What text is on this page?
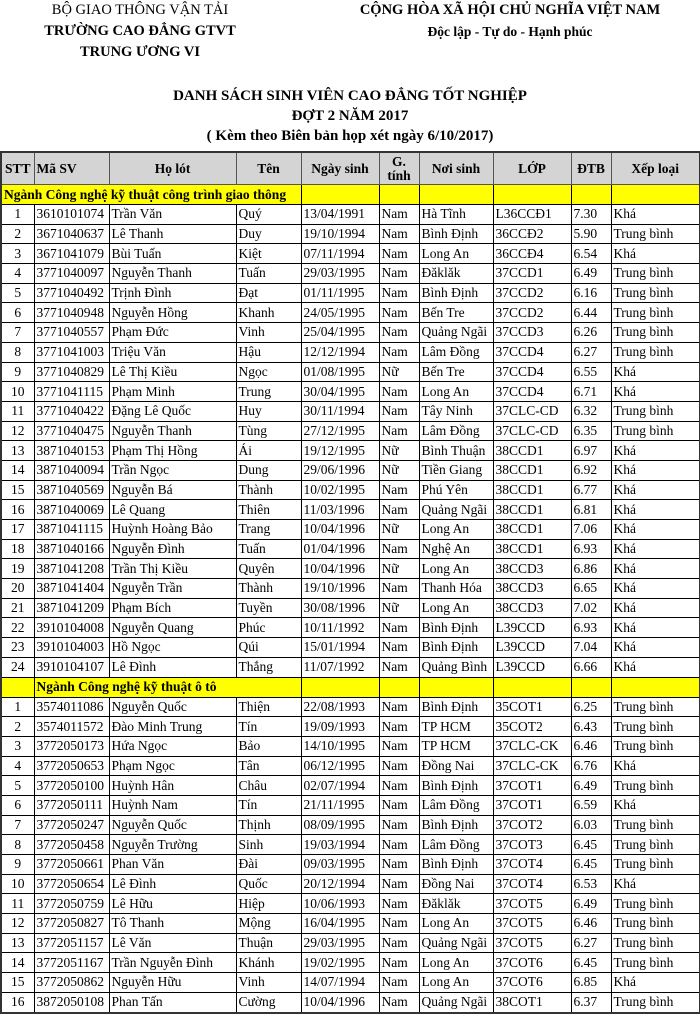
BỘ GIAO THÔNG VẬN TẢI
TRƯỜNG CAO ĐẲNG GTVT
TRUNG ƯƠNG VI
CỘNG HÒA XÃ HỘI CHỦ NGHĨA VIỆT NAM
Độc lập - Tự do - Hạnh phúc
DANH SÁCH SINH VIÊN CAO ĐẲNG TỐT NGHIỆP
ĐỢT 2 NĂM 2017
( Kèm theo Biên bản họp xét ngày 6/10/2017)
STT	Mã SV	Họ lót	Tên	Ngày sinh	G. tính	Nơi sinh	LỚP	ĐTB	Xếp loại
Ngành Công nghệ kỹ thuật công trình giao thông									
1	3610101074	Trần Văn	Quý	13/04/1991	Nam	Hà Tĩnh	L36CCĐ1	7.30	Khá
2	3671040637	Lê Thanh	Duy	19/10/1994	Nam	Bình Định	36CCĐ2	5.90	Trung bình
3	3671041079	Bùi Tuấn	Kiệt	07/11/1994	Nam	Long An	36CCĐ4	6.54	Khá
4	3771040097	Nguyễn Thanh	Tuấn	29/03/1995	Nam	Đăklăk	37CCD1	6.49	Trung bình
5	3771040492	Trịnh Đình	Đạt	01/11/1995	Nam	Bình Định	37CCD2	6.16	Trung bình
6	3771040948	Nguyễn Hồng	Khanh	24/05/1995	Nam	Bến Tre	37CCD2	6.44	Trung bình
7	3771040557	Phạm Đức	Vinh	25/04/1995	Nam	Quảng Ngãi	37CCD3	6.26	Trung bình
8	3771041003	Triệu Văn	Hậu	12/12/1994	Nam	Lâm Đồng	37CCD4	6.27	Trung bình
9	3771040829	Lê Thị Kiều	Ngọc	01/08/1995	Nữ	Bến Tre	37CCD4	6.55	Khá
10	3771041115	Phạm Minh	Trung	30/04/1995	Nam	Long An	37CCD4	6.71	Khá
11	3771040422	Đặng Lê Quốc	Huy	30/11/1994	Nam	Tây Ninh	37CLC-CD	6.32	Trung bình
12	3771040475	Nguyễn Thanh	Tùng	27/12/1995	Nam	Lâm Đồng	37CLC-CD	6.35	Trung bình
13	3871040153	Phạm Thị Hồng	Ái	19/12/1995	Nữ	Bình Thuận	38CCD1	6.97	Khá
14	3871040094	Trần Ngọc	Dung	29/06/1996	Nữ	Tiền Giang	38CCD1	6.92	Khá
15	3871040569	Nguyễn Bá	Thành	10/02/1995	Nam	Phú Yên	38CCD1	6.77	Khá
16	3871040069	Lê Quang	Thiên	11/03/1996	Nam	Quảng Ngãi	38CCD1	6.81	Khá
17	3871041115	Huỳnh Hoàng Bảo	Trang	10/04/1996	Nữ	Long An	38CCD1	7.06	Khá
18	3871040166	Nguyễn Đình	Tuấn	01/04/1996	Nam	Nghệ An	38CCD1	6.93	Khá
19	3871041208	Trần Thị Kiều	Quyên	10/04/1996	Nữ	Long An	38CCD3	6.86	Khá
20	3871041404	Nguyễn Trần	Thành	19/10/1996	Nam	Thanh Hóa	38CCD3	6.65	Khá
21	3871041209	Phạm Bích	Tuyền	30/08/1996	Nữ	Long An	38CCD3	7.02	Khá
22	3910104008	Nguyễn Quang	Phúc	10/11/1992	Nam	Bình Định	L39CCD	6.93	Khá
23	3910104003	Hồ Ngọc	Qúi	15/01/1994	Nam	Bình Định	L39CCD	7.04	Khá
24	3910104107	Lê Đình	Thắng	11/07/1992	Nam	Quảng Bình	L39CCD	6.66	Khá
	Ngành Công nghệ kỹ thuật ô tô								
1	3574011086	Nguyễn Quốc	Thiện	22/08/1993	Nam	Bình Định	35COT1	6.25	Trung bình
2	3574011572	Đào Minh Trung	Tín	19/09/1993	Nam	TP HCM	35COT2	6.43	Trung bình
3	3772050173	Hứa Ngọc	Bảo	14/10/1995	Nam	TP HCM	37CLC-CK	6.46	Trung bình
4	3772050653	Phạm Ngọc	Tân	06/12/1995	Nam	Đồng Nai	37CLC-CK	6.76	Khá
5	3772050100	Huỳnh Hân	Châu	02/07/1994	Nam	Bình Định	37COT1	6.49	Trung bình
6	3772050111	Huỳnh Nam	Tín	21/11/1995	Nam	Lâm Đồng	37COT1	6.59	Khá
7	3772050247	Nguyễn Quốc	Thịnh	08/09/1995	Nam	Bình Định	37COT2	6.03	Trung bình
8	3772050458	Nguyễn Trường	Sinh	19/03/1994	Nam	Lâm Đồng	37COT3	6.45	Trung bình
9	3772050661	Phan Văn	Đài	09/03/1995	Nam	Bình Định	37COT4	6.45	Trung bình
10	3772050654	Lê Đình	Quốc	20/12/1994	Nam	Đồng Nai	37COT4	6.53	Khá
11	3772050759	Lê Hữu	Hiệp	10/06/1993	Nam	Đăklăk	37COT5	6.49	Trung bình
12	3772050827	Tô Thanh	Mộng	16/04/1995	Nam	Long An	37COT5	6.46	Trung bình
13	3772051157	Lê Văn	Thuận	29/03/1995	Nam	Quảng Ngãi	37COT5	6.27	Trung bình
14	3772051167	Trần Nguyễn Đình	Khánh	19/02/1995	Nam	Long An	37COT6	6.45	Trung bình
15	3772050862	Nguyễn Hữu	Vinh	14/07/1994	Nam	Long An	37COT6	6.85	Khá
16	3872050108	Phan Tấn	Cường	10/04/1996	Nam	Quảng Ngãi	38COT1	6.37	Trung bình
